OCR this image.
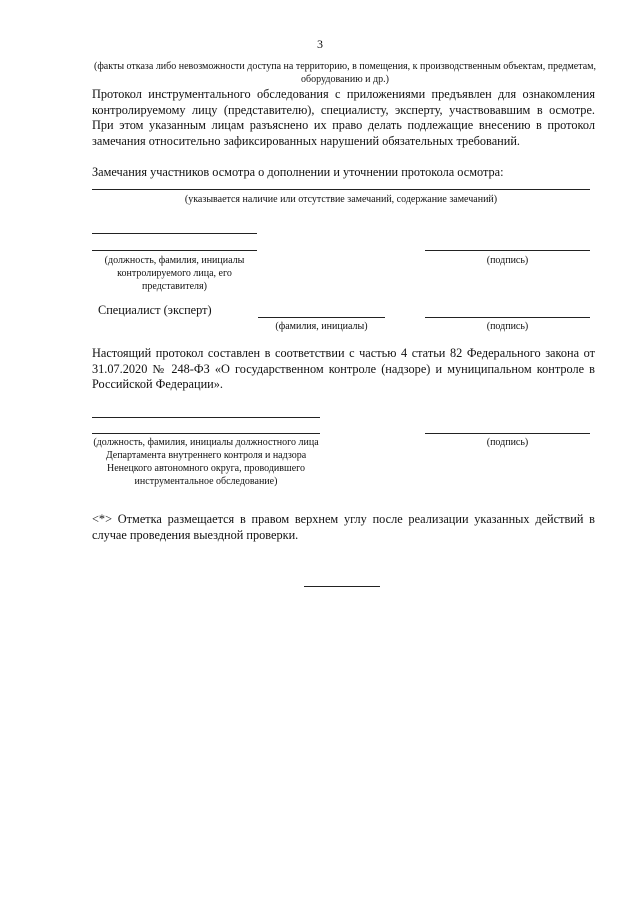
3
(факты отказа либо невозможности доступа на территорию, в помещения, к производственным объектам, предметам, оборудованию и др.)
Протокол инструментального обследования с приложениями предъявлен для ознакомления контролируемому лицу (представителю), специалисту, эксперту, участвовавшим в осмотре. При этом указанным лицам разъяснено их право делать подлежащие внесению в протокол замечания относительно зафиксированных нарушений обязательных требований.
Замечания участников осмотра о дополнении и уточнении протокола осмотра:
(указывается наличие или отсутствие замечаний, содержание замечаний)
(должность, фамилия, инициалы контролируемого лица, его представителя)
(подпись)
Специалист (эксперт)
(фамилия, инициалы)	(подпись)
Настоящий протокол составлен в соответствии с частью 4 статьи 82 Федерального закона от 31.07.2020 № 248-ФЗ «О государственном контроле (надзоре) и муниципальном контроле в Российской Федерации».
(должность, фамилия, инициалы должностного лица Департамента внутреннего контроля и надзора Ненецкого автономного округа, проводившего инструментальное обследование)
(подпись)
<*> Отметка размещается в правом верхнем углу после реализации указанных действий в случае проведения выездной проверки.
